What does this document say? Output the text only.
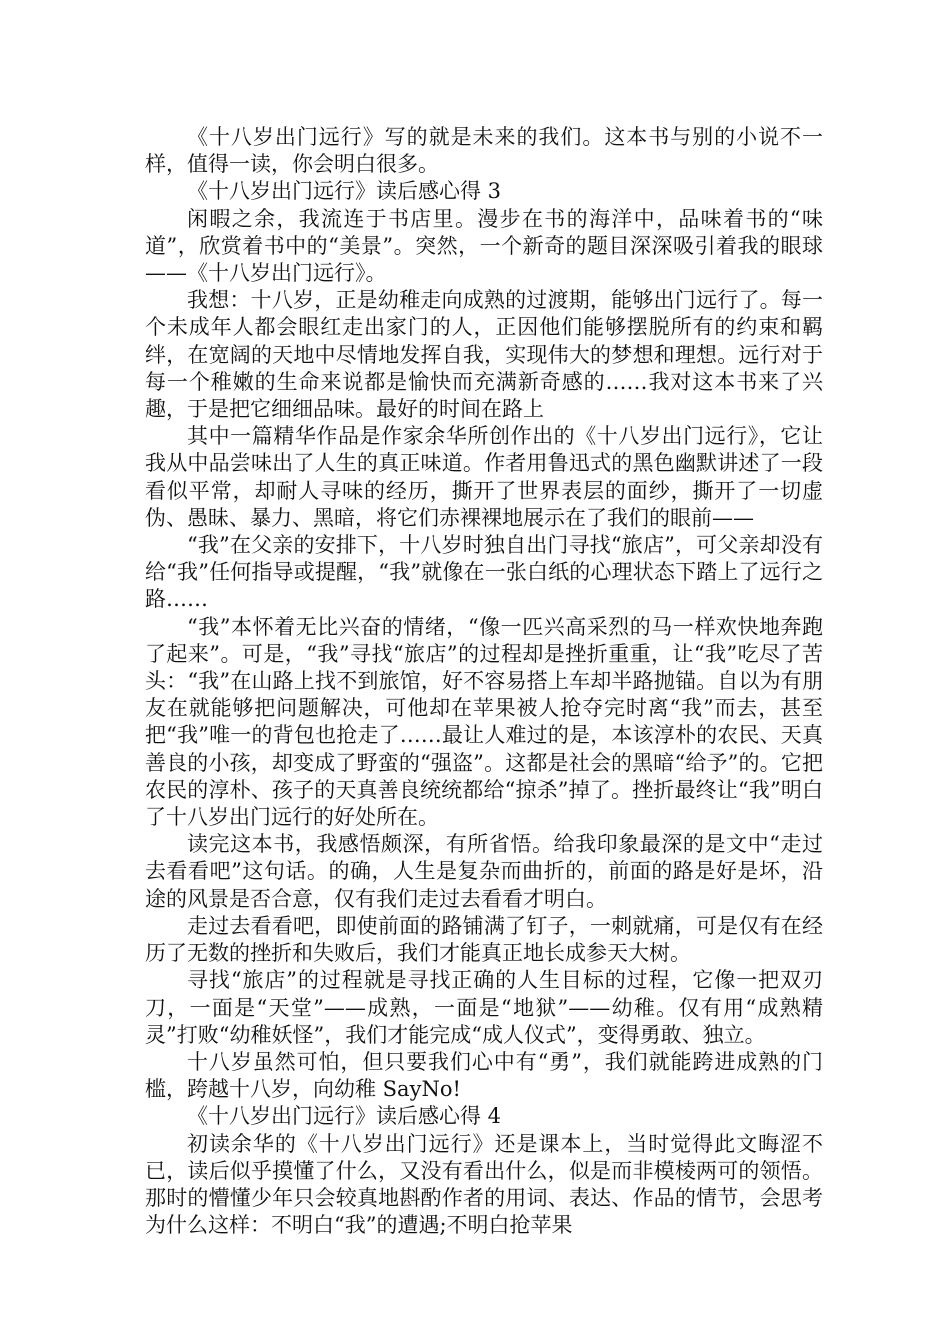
《十八岁出门远行》写的就是未来的我们。这本书与别的小说不一样，值得一读，你会明白很多。

《十八岁出门远行》读后感心得 3

闲暇之余，我流连于书店里。漫步在书的海洋中，品味着书的“味道”，欣赏着书中的“美景”。突然，一个新奇的题目深深吸引着我的眼球——《十八岁出门远行》。

我想：十八岁，正是幼稚走向成熟的过渡期，能够出门远行了。每一个未成年人都会眼红走出家门的人，正因他们能够摆脱所有的约束和羁绊，在宽阔的天地中尽情地发挥自我，实现伟大的梦想和理想。远行对于每一个稚嫩的生命来说都是愉快而充满新奇感的……我对这本书来了兴趣，于是把它细细品味。最好的时间在路上

其中一篇精华作品是作家余华所创作出的《十八岁出门远行》，它让我从中品尝味出了人生的真正味道。作者用鲁迅式的黑色幽默讲述了一段看似平常，却耐人寻味的经历，撕开了世界表层的面纱，撕开了一切虚伪、愚昧、暴力、黑暗，将它们赤裸裸地展示在了我们的眼前——

“我”在父亲的安排下，十八岁时独自出门寻找“旅店”，可父亲却没有给“我”任何指导或提醒，“我”就像在一张白纸的心理状态下踏上了远行之路……

“我”本怀着无比兴奋的情绪，“像一匹兴高采烈的马一样欢快地奔跑了起来”。可是，“我”寻找“旅店”的过程却是挫折重重，让“我”吃尽了苦头：“我”在山路上找不到旅馆，好不容易搭上车却半路抛锚。自以为有朋友在就能够把问题解决，可他却在苹果被人抢夺完时离“我”而去，甚至把“我”唯一的背包也抢走了……最让人难过的是，本该淳朴的农民、天真善良的小孩，却变成了野蛮的“强盗”。这都是社会的黑暗“给予”的。它把农民的淳朴、孩子的天真善良统统都给“掠杀”掉了。挫折最终让“我”明白了十八岁出门远行的好处所在。

读完这本书，我感悟颇深，有所省悟。给我印象最深的是文中“走过去看看吧”这句话。的确，人生是复杂而曲折的，前面的路是好是坏，沿途的风景是否合意，仅有我们走过去看看才明白。

走过去看看吧，即使前面的路铺满了钉子，一刺就痛，可是仅有在经历了无数的挫折和失败后，我们才能真正地长成参天大树。

寻找“旅店”的过程就是寻找正确的人生目标的过程，它像一把双刃刀，一面是“天堂”——成熟，一面是“地狱”——幼稚。仅有用“成熟精灵”打败“幼稚妖怪”，我们才能完成“成人仪式”，变得勇敢、独立。

十八岁虽然可怕，但只要我们心中有“勇”，我们就能跨进成熟的门槛，跨越十八岁，向幼稚 SayNo!

《十八岁出门远行》读后感心得 4

初读余华的《十八岁出门远行》还是课本上，当时觉得此文晦涩不已，读后似乎摸懂了什么，又没有看出什么，似是而非模棱两可的领悟。那时的懵懂少年只会较真地斟酌作者的用词、表达、作品的情节，会思考为什么这样：不明白“我”的遭遇;不明白抢苹果
